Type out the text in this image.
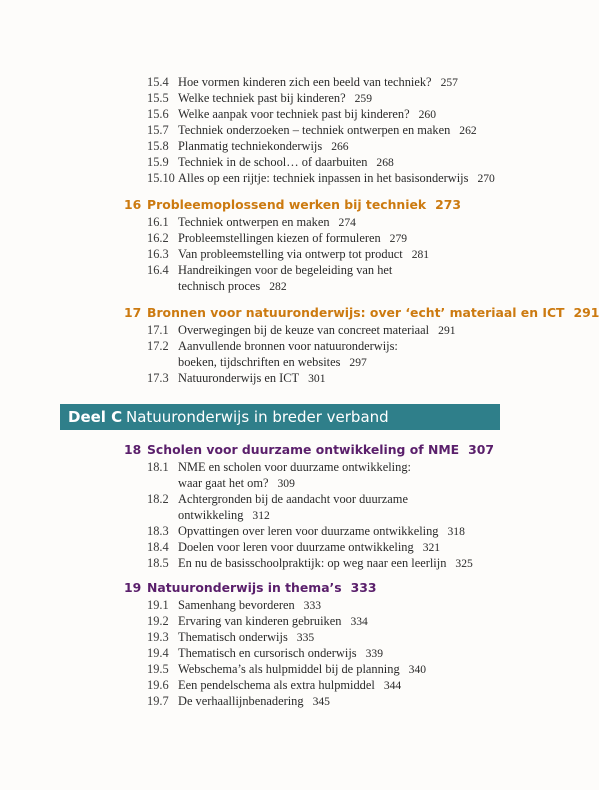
15.4 Hoe vormen kinderen zich een beeld van techniek? 257
15.5 Welke techniek past bij kinderen? 259
15.6 Welke aanpak voor techniek past bij kinderen? 260
15.7 Techniek onderzoeken – techniek ontwerpen en maken 262
15.8 Planmatig techniekonderwijs 266
15.9 Techniek in de school… of daarbuiten 268
15.10 Alles op een rijtje: techniek inpassen in het basisonderwijs 270
16 Probleemoplossend werken bij techniek 273
16.1 Techniek ontwerpen en maken 274
16.2 Probleemstellingen kiezen of formuleren 279
16.3 Van probleemstelling via ontwerp tot product 281
16.4 Handreikingen voor de begeleiding van het
technisch proces 282
17 Bronnen voor natuuronderwijs: over ‘echt’ materiaal en ICT 291
17.1 Overwegingen bij de keuze van concreet materiaal 291
17.2 Aanvullende bronnen voor natuuronderwijs:
boeken, tijdschriften en websites 297
17.3 Natuuronderwijs en ICT 301
Deel C Natuuronderwijs in breder verband
18 Scholen voor duurzame ontwikkeling of NME 307
18.1 NME en scholen voor duurzame ontwikkeling:
waar gaat het om? 309
18.2 Achtergronden bij de aandacht voor duurzame
ontwikkeling 312
18.3 Opvattingen over leren voor duurzame ontwikkeling 318
18.4 Doelen voor leren voor duurzame ontwikkeling 321
18.5 En nu de basisschoolpraktijk: op weg naar een leerlijn 325
19 Natuuronderwijs in thema’s 333
19.1 Samenhang bevorderen 333
19.2 Ervaring van kinderen gebruiken 334
19.3 Thematisch onderwijs 335
19.4 Thematisch en cursorisch onderwijs 339
19.5 Webschema’s als hulpmiddel bij de planning 340
19.6 Een pendelschema als extra hulpmiddel 344
19.7 De verhaallijnbenadering 345
